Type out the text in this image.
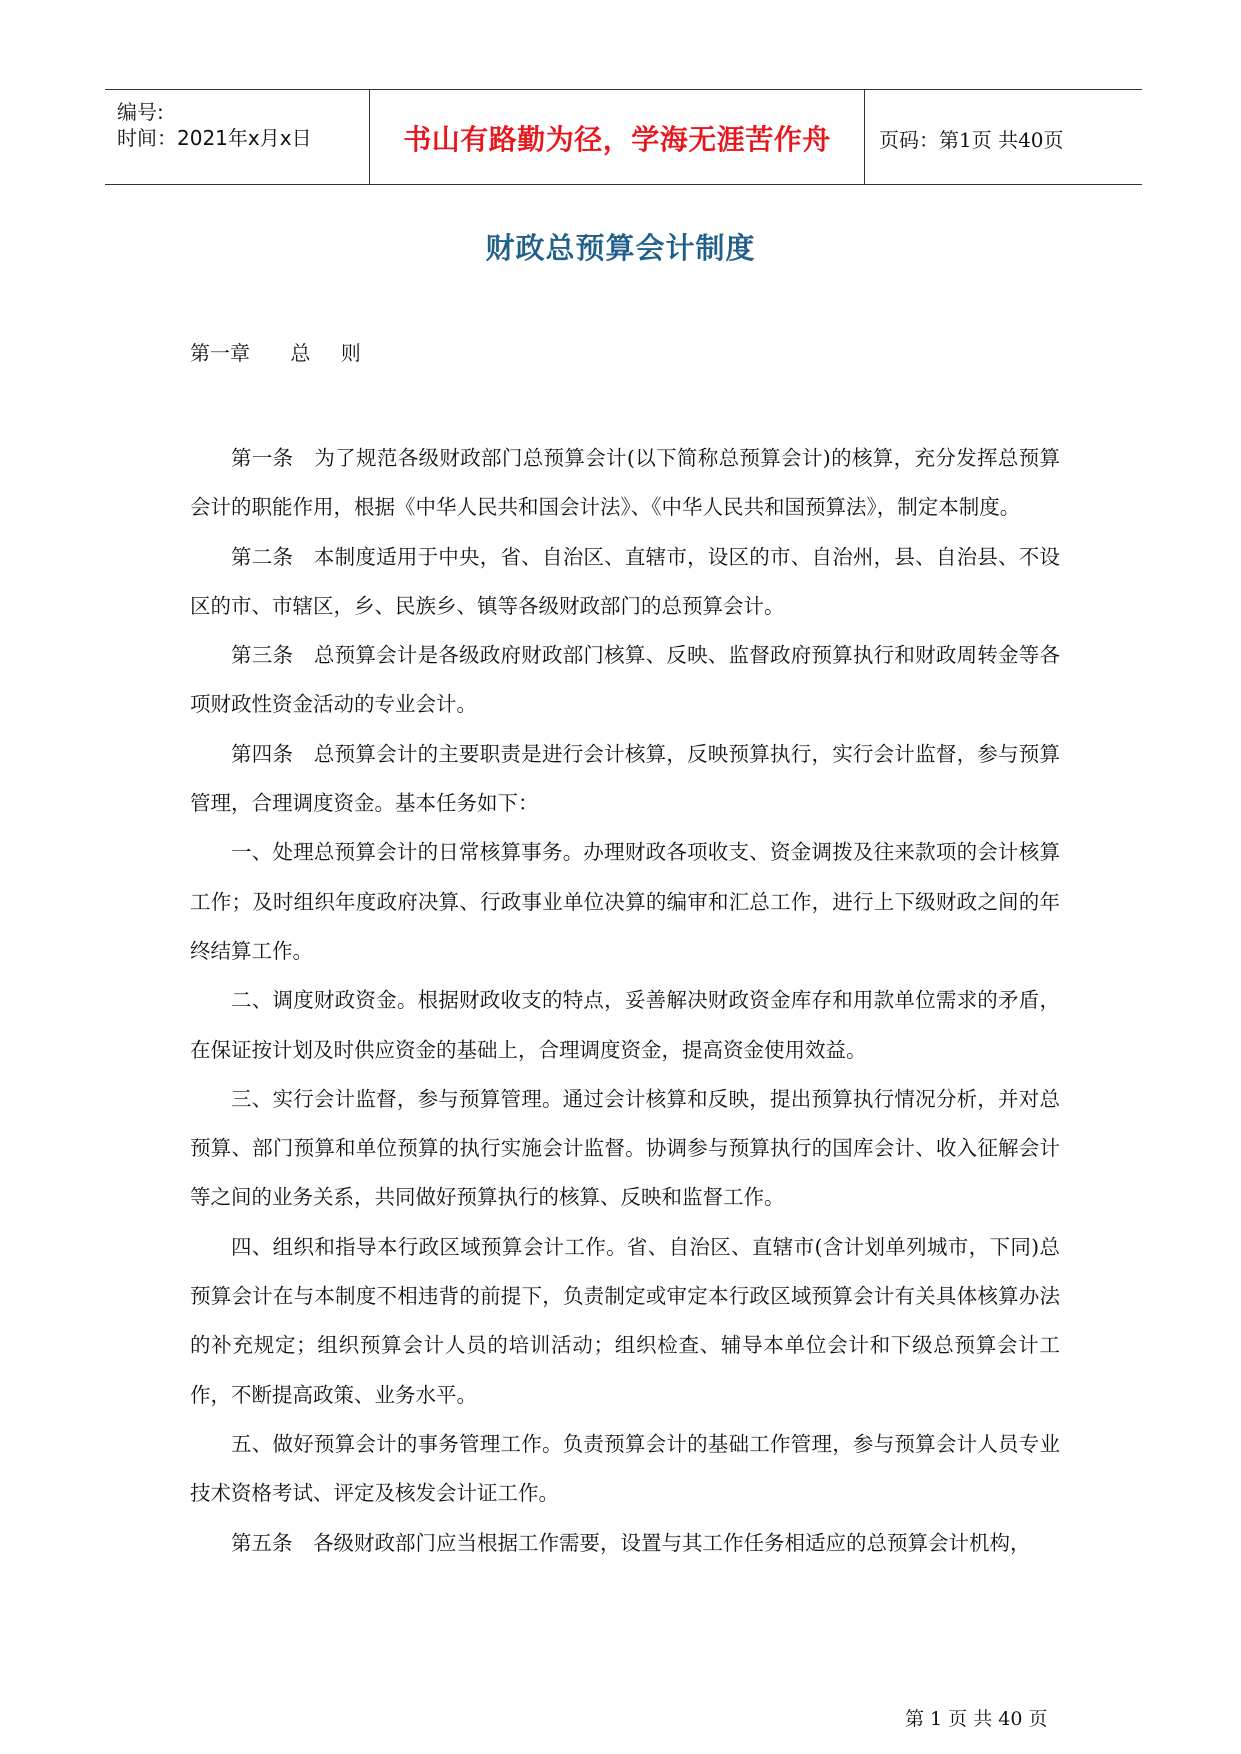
编号:
时间：2021年x月x日	书山有路勤为径，学海无涯苦作舟	页码：第1页 共40页
财政总预算会计制度
第一章 总 则

第一条　为了规范各级财政部门总预算会计(以下简称总预算会计)的核算，充分发挥总预算会计的职能作用，根据《中华人民共和国会计法》、《中华人民共和国预算法》，制定本制度。

第二条　本制度适用于中央，省、自治区、直辖市，设区的市、自治州，县、自治县、不设区的市、市辖区，乡、民族乡、镇等各级财政部门的总预算会计。

第三条　总预算会计是各级政府财政部门核算、反映、监督政府预算执行和财政周转金等各项财政性资金活动的专业会计。

第四条　总预算会计的主要职责是进行会计核算，反映预算执行，实行会计监督，参与预算管理，合理调度资金。基本任务如下：

一、处理总预算会计的日常核算事务。办理财政各项收支、资金调拨及往来款项的会计核算工作；及时组织年度政府决算、行政事业单位决算的编审和汇总工作，进行上下级财政之间的年终结算工作。

二、调度财政资金。根据财政收支的特点，妥善解决财政资金库存和用款单位需求的矛盾，在保证按计划及时供应资金的基础上，合理调度资金，提高资金使用效益。

三、实行会计监督，参与预算管理。通过会计核算和反映，提出预算执行情况分析，并对总预算、部门预算和单位预算的执行实施会计监督。协调参与预算执行的国库会计、收入征解会计等之间的业务关系，共同做好预算执行的核算、反映和监督工作。

四、组织和指导本行政区域预算会计工作。省、自治区、直辖市(含计划单列城市，下同)总预算会计在与本制度不相违背的前提下，负责制定或审定本行政区域预算会计有关具体核算办法的补充规定；组织预算会计人员的培训活动；组织检查、辅导本单位会计和下级总预算会计工作，不断提高政策、业务水平。

五、做好预算会计的事务管理工作。负责预算会计的基础工作管理，参与预算会计人员专业技术资格考试、评定及核发会计证工作。

第五条　各级财政部门应当根据工作需要，设置与其工作任务相适应的总预算会计机构，

第 1 页 共 40 页
